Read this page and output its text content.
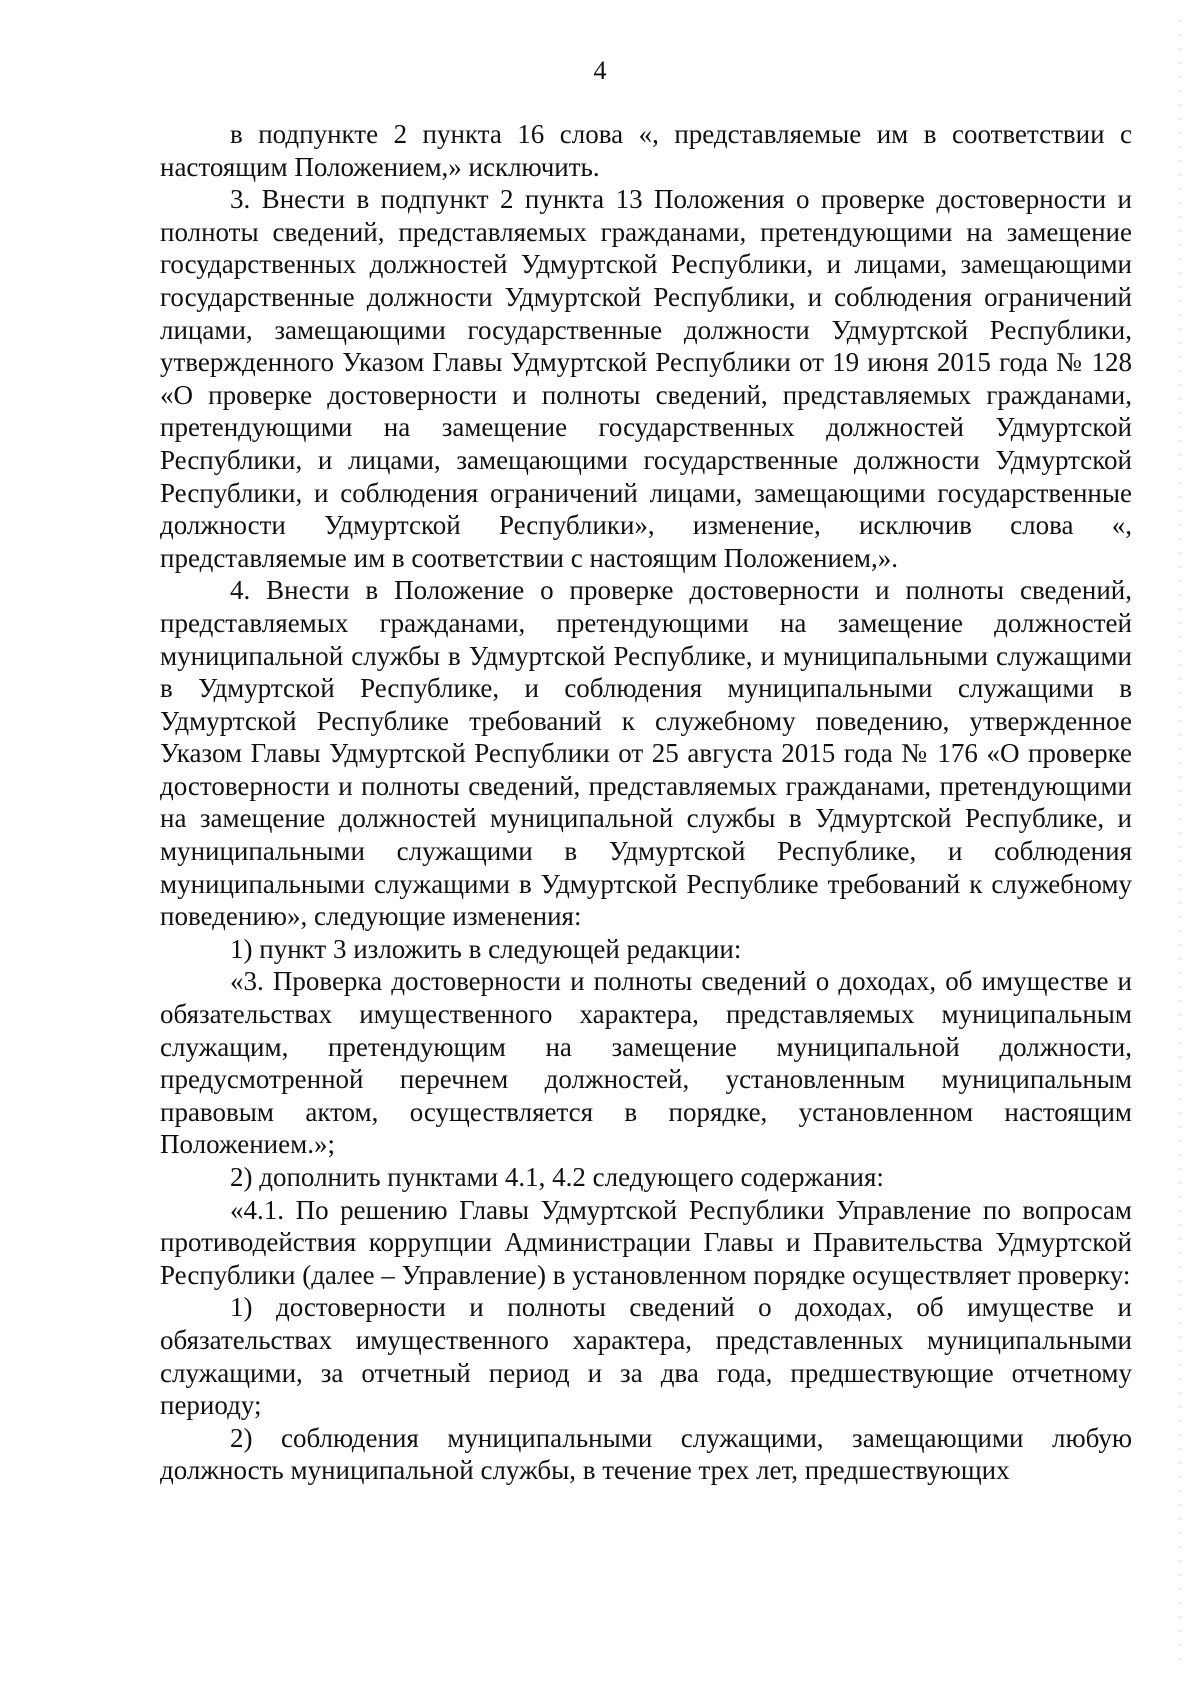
4

в подпункте 2 пункта 16 слова «, представляемые им в соответствии с настоящим Положением,» исключить.

3. Внести в подпункт 2 пункта 13 Положения о проверке достоверности и полноты сведений, представляемых гражданами, претендующими на замещение государственных должностей Удмуртской Республики, и лицами, замещающими государственные должности Удмуртской Республики, и соблюдения ограничений лицами, замещающими государственные должности Удмуртской Республики, утвержденного Указом Главы Удмуртской Республики от 19 июня 2015 года № 128 «О проверке достоверности и полноты сведений, представляемых гражданами, претендующими на замещение государственных должностей Удмуртской Республики, и лицами, замещающими государственные должности Удмуртской Республики, и соблюдения ограничений лицами, замещающими государственные должности Удмуртской Республики», изменение, исключив слова «, представляемые им в соответствии с настоящим Положением,».

4. Внести в Положение о проверке достоверности и полноты сведений, представляемых гражданами, претендующими на замещение должностей муниципальной службы в Удмуртской Республике, и муниципальными служащими в Удмуртской Республике, и соблюдения муниципальными служащими в Удмуртской Республике требований к служебному поведению, утвержденное Указом Главы Удмуртской Республики от 25 августа 2015 года № 176 «О проверке достоверности и полноты сведений, представляемых гражданами, претендующими на замещение должностей муниципальной службы в Удмуртской Республике, и муниципальными служащими в Удмуртской Республике, и соблюдения муниципальными служащими в Удмуртской Республике требований к служебному поведению», следующие изменения:

1) пункт 3 изложить в следующей редакции:

«3. Проверка достоверности и полноты сведений о доходах, об имуществе и обязательствах имущественного характера, представляемых муниципальным служащим, претендующим на замещение муниципальной должности, предусмотренной перечнем должностей, установленным муниципальным правовым актом, осуществляется в порядке, установленном настоящим Положением.»;

2) дополнить пунктами 4.1, 4.2 следующего содержания:

«4.1. По решению Главы Удмуртской Республики Управление по вопросам противодействия коррупции Администрации Главы и Правительства Удмуртской Республики (далее – Управление) в установленном порядке осуществляет проверку:

1) достоверности и полноты сведений о доходах, об имуществе и обязательствах имущественного характера, представленных муниципальными служащими, за отчетный период и за два года, предшествующие отчетному периоду;

2) соблюдения муниципальными служащими, замещающими любую должность муниципальной службы, в течение трех лет, предшествующих
